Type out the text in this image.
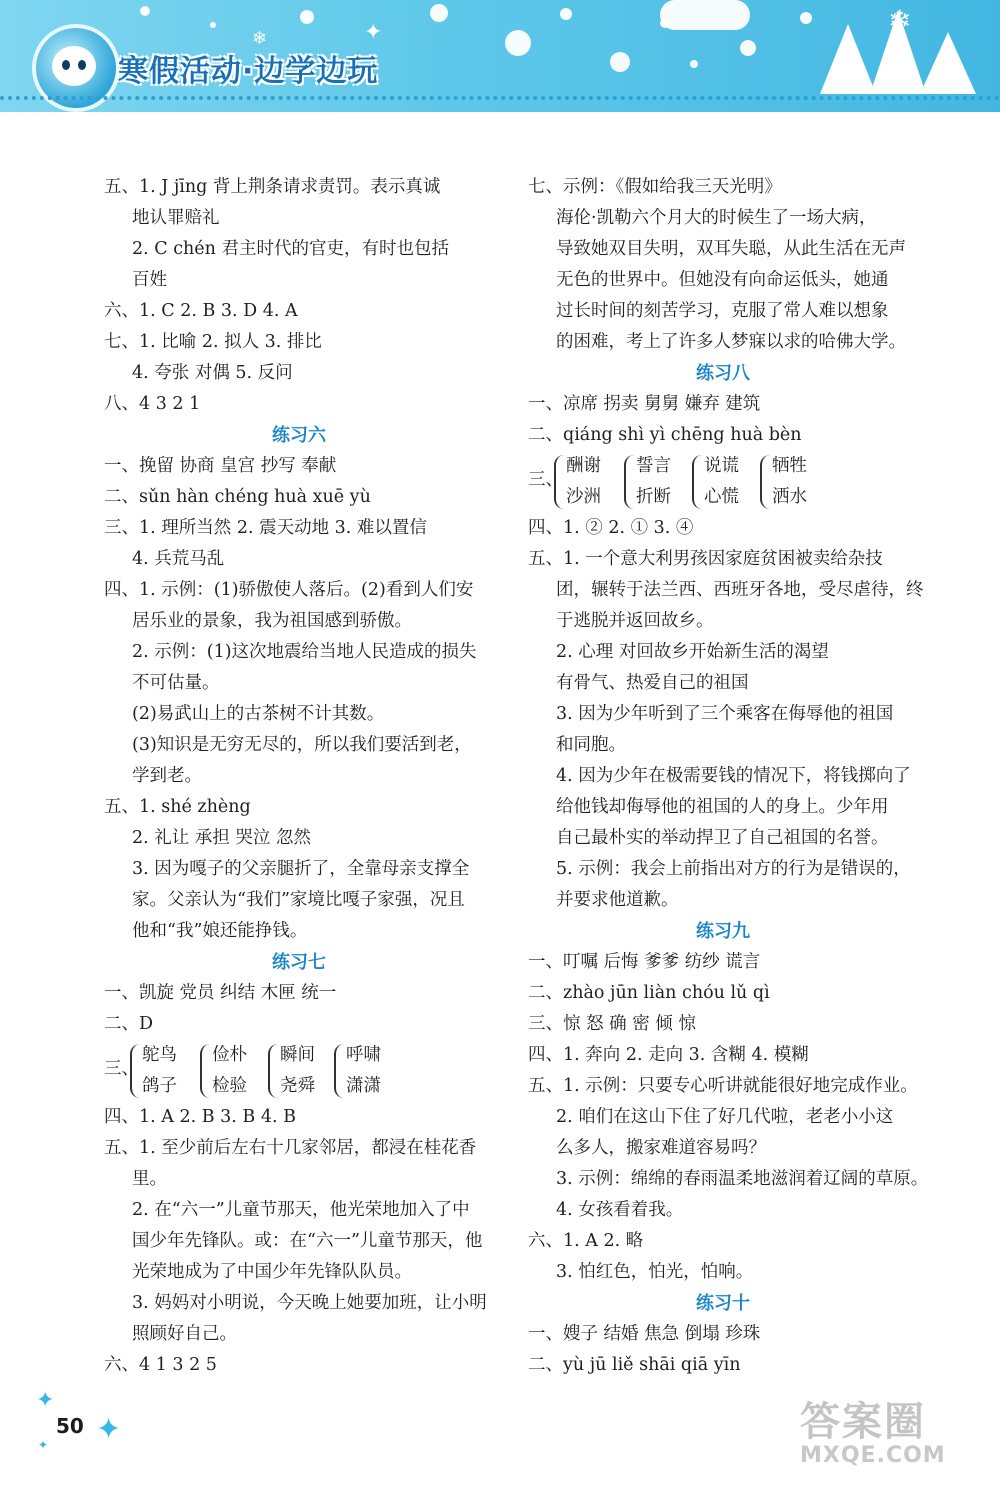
❄
❄	✦
寒假活动·边学边玩
五、1. J jīng 背上荆条请求责罚。表示真诚
地认罪赔礼
2. C chén 君主时代的官吏，有时也包括
百姓
六、1. C 2. B 3. D 4. A
七、1. 比喻 2. 拟人 3. 排比
4. 夸张 对偶 5. 反问
八、4 3 2 1
练习六
一、挽留 协商 皇宫 抄写 奉献
二、sǔn hàn chéng huà xuē yù
三、1. 理所当然 2. 震天动地 3. 难以置信
4. 兵荒马乱
四、1. 示例：(1)骄傲使人落后。(2)看到人们安
居乐业的景象，我为祖国感到骄傲。
2. 示例：(1)这次地震给当地人民造成的损失
不可估量。
(2)易武山上的古茶树不计其数。
(3)知识是无穷无尽的，所以我们要活到老，
学到老。
五、1. shé zhèng
2. 礼让 承担 哭泣 忽然
3. 因为嘎子的父亲腿折了，全靠母亲支撑全
家。父亲认为“我们”家境比嘎子家强，况且
他和“我”娘还能挣钱。
练习七
一、凯旋 党员 纠结 木匣 统一
二、D
三、
鸵鸟
鸽子
俭朴
检验
瞬间
尧舜
呼啸
潇潇
四、1. A 2. B 3. B 4. B
五、1. 至少前后左右十几家邻居，都浸在桂花香
里。
2. 在“六一”儿童节那天，他光荣地加入了中
国少年先锋队。或：在“六一”儿童节那天，他
光荣地成为了中国少年先锋队队员。
3. 妈妈对小明说，今天晚上她要加班，让小明
照顾好自己。
六、4 1 3 2 5
七、示例：《假如给我三天光明》
海伦·凯勒六个月大的时候生了一场大病，
导致她双目失明，双耳失聪，从此生活在无声
无色的世界中。但她没有向命运低头，她通
过长时间的刻苦学习，克服了常人难以想象
的困难，考上了许多人梦寐以求的哈佛大学。
练习八
一、凉席 拐卖 舅舅 嫌弃 建筑
二、qiáng shì yì chēng huà bèn
三、
酬谢
沙洲
誓言
折断
说谎
心慌
牺牲
洒水
四、1. ② 2. ① 3. ④
五、1. 一个意大利男孩因家庭贫困被卖给杂技
团，辗转于法兰西、西班牙各地，受尽虐待，终
于逃脱并返回故乡。
2. 心理 对回故乡开始新生活的渴望
有骨气、热爱自己的祖国
3. 因为少年听到了三个乘客在侮辱他的祖国
和同胞。
4. 因为少年在极需要钱的情况下，将钱掷向了
给他钱却侮辱他的祖国的人的身上。少年用
自己最朴实的举动捍卫了自己祖国的名誉。
5. 示例：我会上前指出对方的行为是错误的，
并要求他道歉。
练习九
一、叮嘱 后悔 爹爹 纺纱 谎言
二、zhào jūn liàn chóu lǔ qì
三、惊 怒 确 密 倾 惊
四、1. 奔向 2. 走向 3. 含糊 4. 模糊
五、1. 示例：只要专心听讲就能很好地完成作业。
2. 咱们在这山下住了好几代啦，老老小小这
么多人，搬家难道容易吗？
3. 示例：绵绵的春雨温柔地滋润着辽阔的草原。
4. 女孩看着我。
六、1. A 2. 略
3. 怕红色，怕光，怕响。
练习十
一、嫂子 结婚 焦急 倒塌 珍珠
二、yù jū liě shāi qiā yīn
✦
✦
✦
50	答案圈
MXQE.COM
